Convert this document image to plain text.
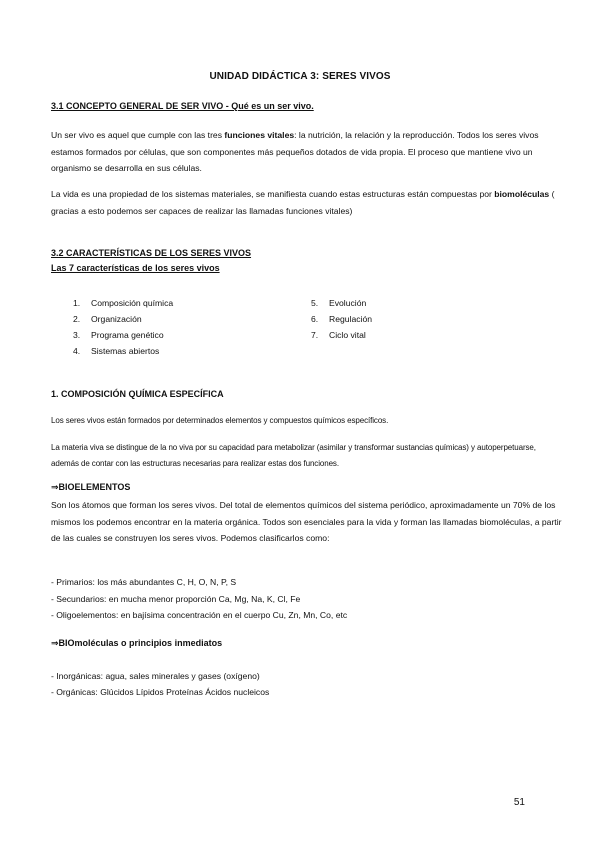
UNIDAD DIDÁCTICA 3: SERES VIVOS
3.1 CONCEPTO GENERAL DE SER VIVO - Qué es un ser vivo.

Un ser vivo es aquel que cumple con las tres funciones vitales: la nutrición, la relación y la reproducción. Todos los seres vivos estamos formados por células, que son componentes más pequeños dotados de vida propia. El proceso que mantiene vivo un organismo se desarrolla en sus células.

La vida es una propiedad de los sistemas materiales, se manifiesta cuando estas estructuras están compuestas por biomoléculas ( gracias a esto podemos ser capaces de realizar las llamadas funciones vitales)

3.2 CARACTERÍSTICAS DE LOS SERES VIVOS
Las 7 características de los seres vivos
1. Composición química
2. Organización
3. Programa genético
4. Sistemas abiertos
5. Evolución
6. Regulación
7. Ciclo vital
1. COMPOSICIÓN QUÍMICA ESPECÍFICA

Los seres vivos están formados por determinados elementos y compuestos químicos específicos.

La materia viva se distingue de la no viva por su capacidad para metabolizar (asimilar y transformar sustancias químicas) y autoperpetuarse, además de contar con las estructuras necesarias para realizar estas dos funciones.

⇒BIOELEMENTOS

Son los átomos que forman los seres vivos. Del total de elementos químicos del sistema periódico, aproximadamente un 70% de los mismos los podemos encontrar en la materia orgánica. Todos son esenciales para la vida y forman las llamadas biomoléculas, a partir de las cuales se construyen los seres vivos. Podemos clasificarlos como:

- Primarios: los más abundantes C, H, O, N, P, S
- Secundarios: en mucha menor proporción Ca, Mg, Na, K, Cl, Fe
- Oligoelementos: en bajísima concentración en el cuerpo Cu, Zn, Mn, Co, etc
⇒BIOmoléculas o principios inmediatos
- Inorgánicas: agua, sales minerales y gases (oxígeno)
- Orgánicas: Glúcidos Lípidos Proteínas Ácidos nucleicos
51
